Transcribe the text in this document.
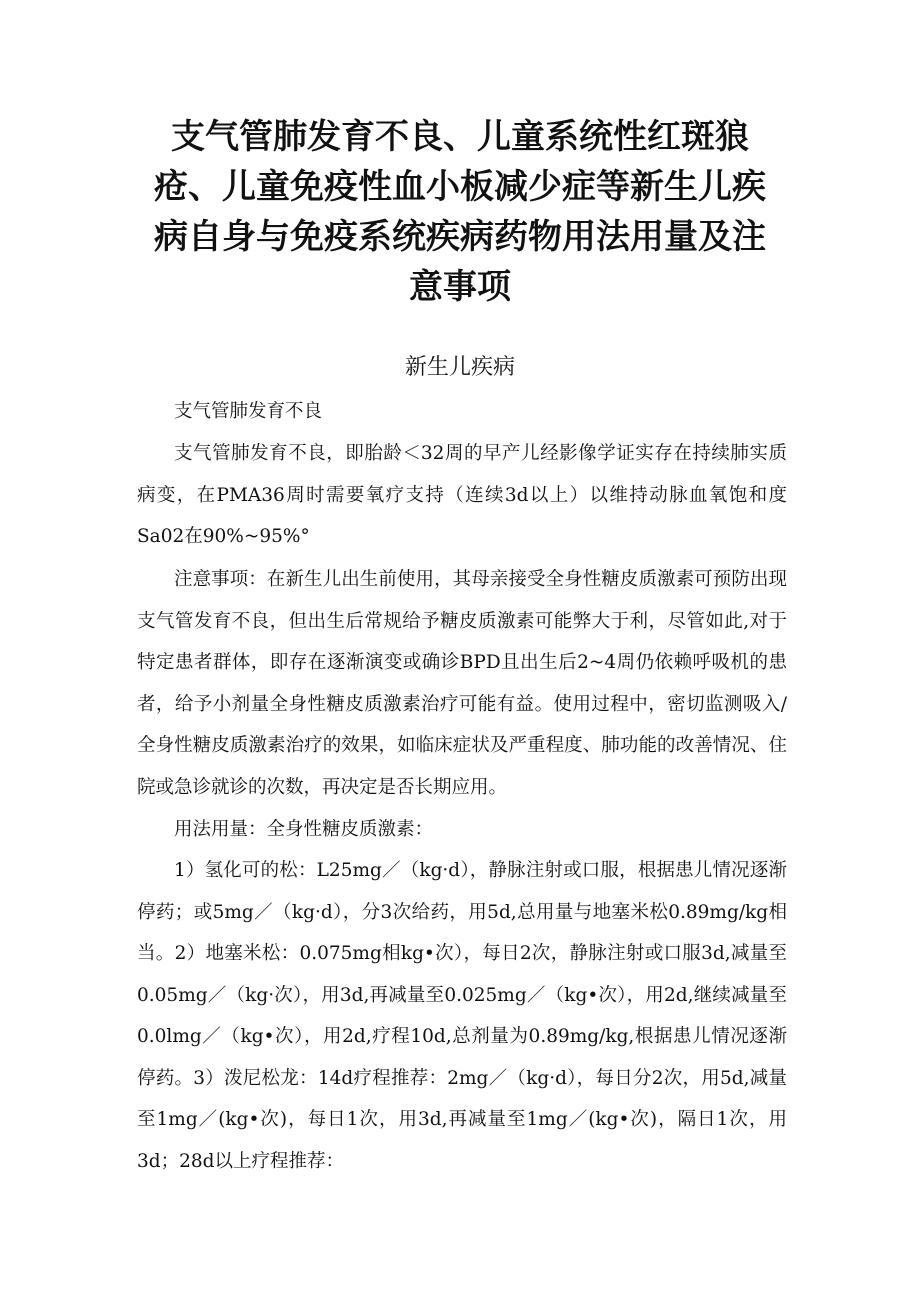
支气管肺发育不良、儿童系统性红斑狼疮、儿童免疫性血小板减少症等新生儿疾病自身与免疫系统疾病药物用法用量及注意事项
新生儿疾病

支气管肺发育不良

支气管肺发育不良，即胎龄＜32周的早产儿经影像学证实存在持续肺实质病变，在PMA36周时需要氧疗支持（连续3d以上）以维持动脉血氧饱和度Sa02在90%~95%°

注意事项：在新生儿出生前使用，其母亲接受全身性糖皮质激素可预防出现支气管发育不良，但出生后常规给予糖皮质激素可能弊大于利，尽管如此,对于特定患者群体，即存在逐渐演变或确诊BPD且出生后2~4周仍依赖呼吸机的患者，给予小剂量全身性糖皮质激素治疗可能有益。使用过程中，密切监测吸入/全身性糖皮质激素治疗的效果，如临床症状及严重程度、肺功能的改善情况、住院或急诊就诊的次数，再决定是否长期应用。

用法用量：全身性糖皮质激素：

1）氢化可的松：L25mg／（kg·d），静脉注射或口服，根据患儿情况逐渐停药；或5mg／（kg·d），分3次给药，用5d,总用量与地塞米松0.89mg/kg相当。2）地塞米松：0.075mg相kg•次），每日2次，静脉注射或口服3d,减量至0.05mg／（kg·次），用3d,再减量至0.025mg／（kg•次），用2d,继续减量至0.0lmg／（kg•次），用2d,疗程10d,总剂量为0.89mg/kg,根据患儿情况逐渐停药。3）泼尼松龙：14d疗程推荐：2mg／（kg·d），每日分2次，用5d,减量至1mg／(kg•次)，每日1次，用3d,再减量至1mg／(kg•次)，隔日1次，用3d；28d以上疗程推荐：
